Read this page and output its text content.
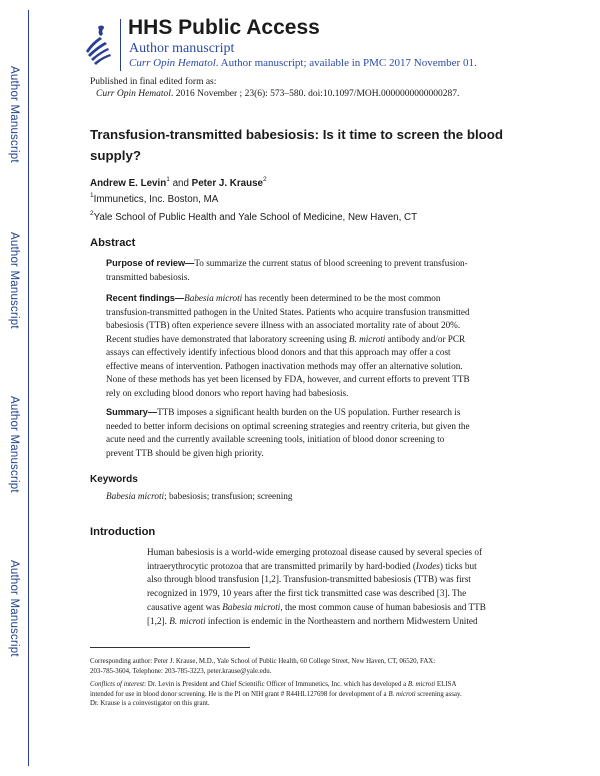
Author Manuscript
Author Manuscript
Author Manuscript
Author Manuscript
HHS Public Access
Author manuscript
Curr Opin Hematol. Author manuscript; available in PMC 2017 November 01.
Published in final edited form as:
Curr Opin Hematol. 2016 November ; 23(6): 573–580. doi:10.1097/MOH.0000000000000287.
Transfusion-transmitted babesiosis: Is it time to screen the blood supply?
Andrew E. Levin$^1$ and Peter J. Krause$^2$
$^1$Immunetics, Inc. Boston, MA
$^2$Yale School of Public Health and Yale School of Medicine, New Haven, CT
Abstract
Purpose of review—To summarize the current status of blood screening to prevent transfusion-
transmitted babesiosis.
Recent findings—Babesia microti has recently been determined to be the most common
transfusion-transmitted pathogen in the United States. Patients who acquire transfusion transmitted
babesiosis (TTB) often experience severe illness with an associated mortality rate of about 20%.
Recent studies have demonstrated that laboratory screening using B. microti antibody and/or PCR
assays can effectively identify infectious blood donors and that this approach may offer a cost
effective means of intervention. Pathogen inactivation methods may offer an alternative solution.
None of these methods has yet been licensed by FDA, however, and current efforts to prevent TTB
rely on excluding blood donors who report having had babesiosis.
Summary—TTB imposes a significant health burden on the US population. Further research is
needed to better inform decisions on optimal screening strategies and reentry criteria, but given the
acute need and the currently available screening tools, initiation of blood donor screening to
prevent TTB should be given high priority.
Keywords
Babesia microti; babesiosis; transfusion; screening
Introduction
Human babesiosis is a world-wide emerging protozoal disease caused by several species of
intraerythrocytic protozoa that are transmitted primarily by hard-bodied (Ixodes) ticks but
also through blood transfusion [1,2]. Transfusion-transmitted babesiosis (TTB) was first
recognized in 1979, 10 years after the first tick transmitted case was described [3]. The
causative agent was Babesia microti, the most common cause of human babesiosis and TTB
[1,2]. B. microti infection is endemic in the Northeastern and northern Midwestern United
Corresponding author: Peter J. Krause, M.D., Yale School of Public Health, 60 College Street, New Haven, CT, 06520, FAX:
203-785-3604, Telephone: 203-785-3223, peter.krause@yale.edu.
Conflicts of interest: Dr. Levin is President and Chief Scientific Officer of Immunetics, Inc. which has developed a B. microti ELISA
intended for use in blood donor screening. He is the PI on NIH grant # R44HL127698 for development of a B. microti screening assay.
Dr. Krause is a coinvestigator on this grant.
